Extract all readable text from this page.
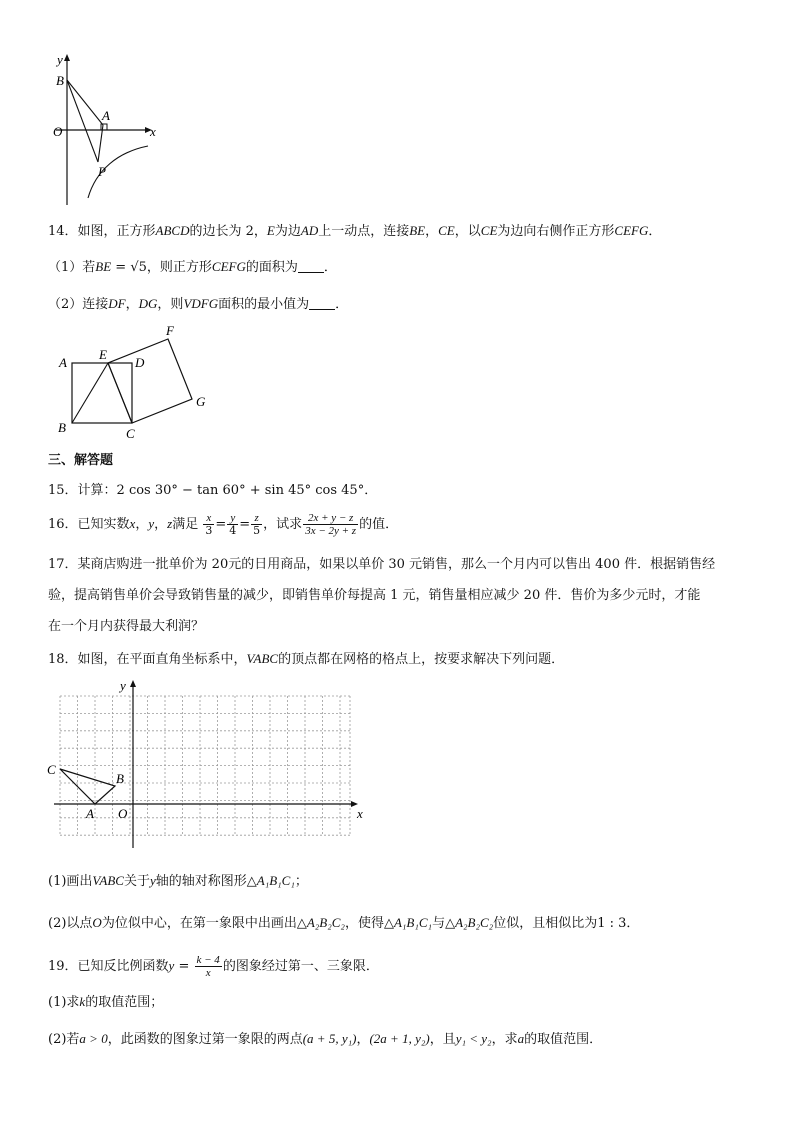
y
B
A
O	x
P
14．如图，正方形ABCD的边长为 2，E为边AD上一动点，连接BE，CE，以CE为边向右侧作正方形CEFG．
（1）若BE = √5，则正方形CEFG的面积为 ．
（2）连接DF，DG，则VDFG面积的最小值为 ．
A
E
D
F
B	C
G
三、解答题
15．计算：2 cos 30° − tan 60° + sin 45° cos 45°．
16．已知实数x，y，z满足 $\frac{x}{3} = \frac{y}{4} = \frac{z}{5}$ ，试求 $\frac{2x + y - z}{3x - 2y + z}$ 的值．
17．某商店购进一批单价为 20元的日用商品，如果以单价 30 元销售，那么一个月内可以售出 400 件．根据销售经
验，提高销售单价会导致销售量的减少，即销售单价每提高 1 元，销售量相应减少 20 件．售价为多少元时，才能
在一个月内获得最大利润？
18．如图，在平面直角坐标系中，VABC的顶点都在网格的格点上，按要求解决下列问题．
y
x
C
B
A O
(1)画出VABC关于y轴的轴对称图形△A₁B₁C₁；
(2)以点O为位似中心，在第一象限中出画出△A₂B₂C₂，使得△A₁B₁C₁与△A₂B₂C₂位似，且相似比为1 : 3．
19．已知反比例函数$y = \frac{k - 4}{x}$ 的图象经过第一、三象限．
(1)求k的取值范围；
(2)若a > 0，此函数的图象过第一象限的两点(a + 5, y₁)，(2a + 1, y₂)，且y₁ < y₂，求a的取值范围．
